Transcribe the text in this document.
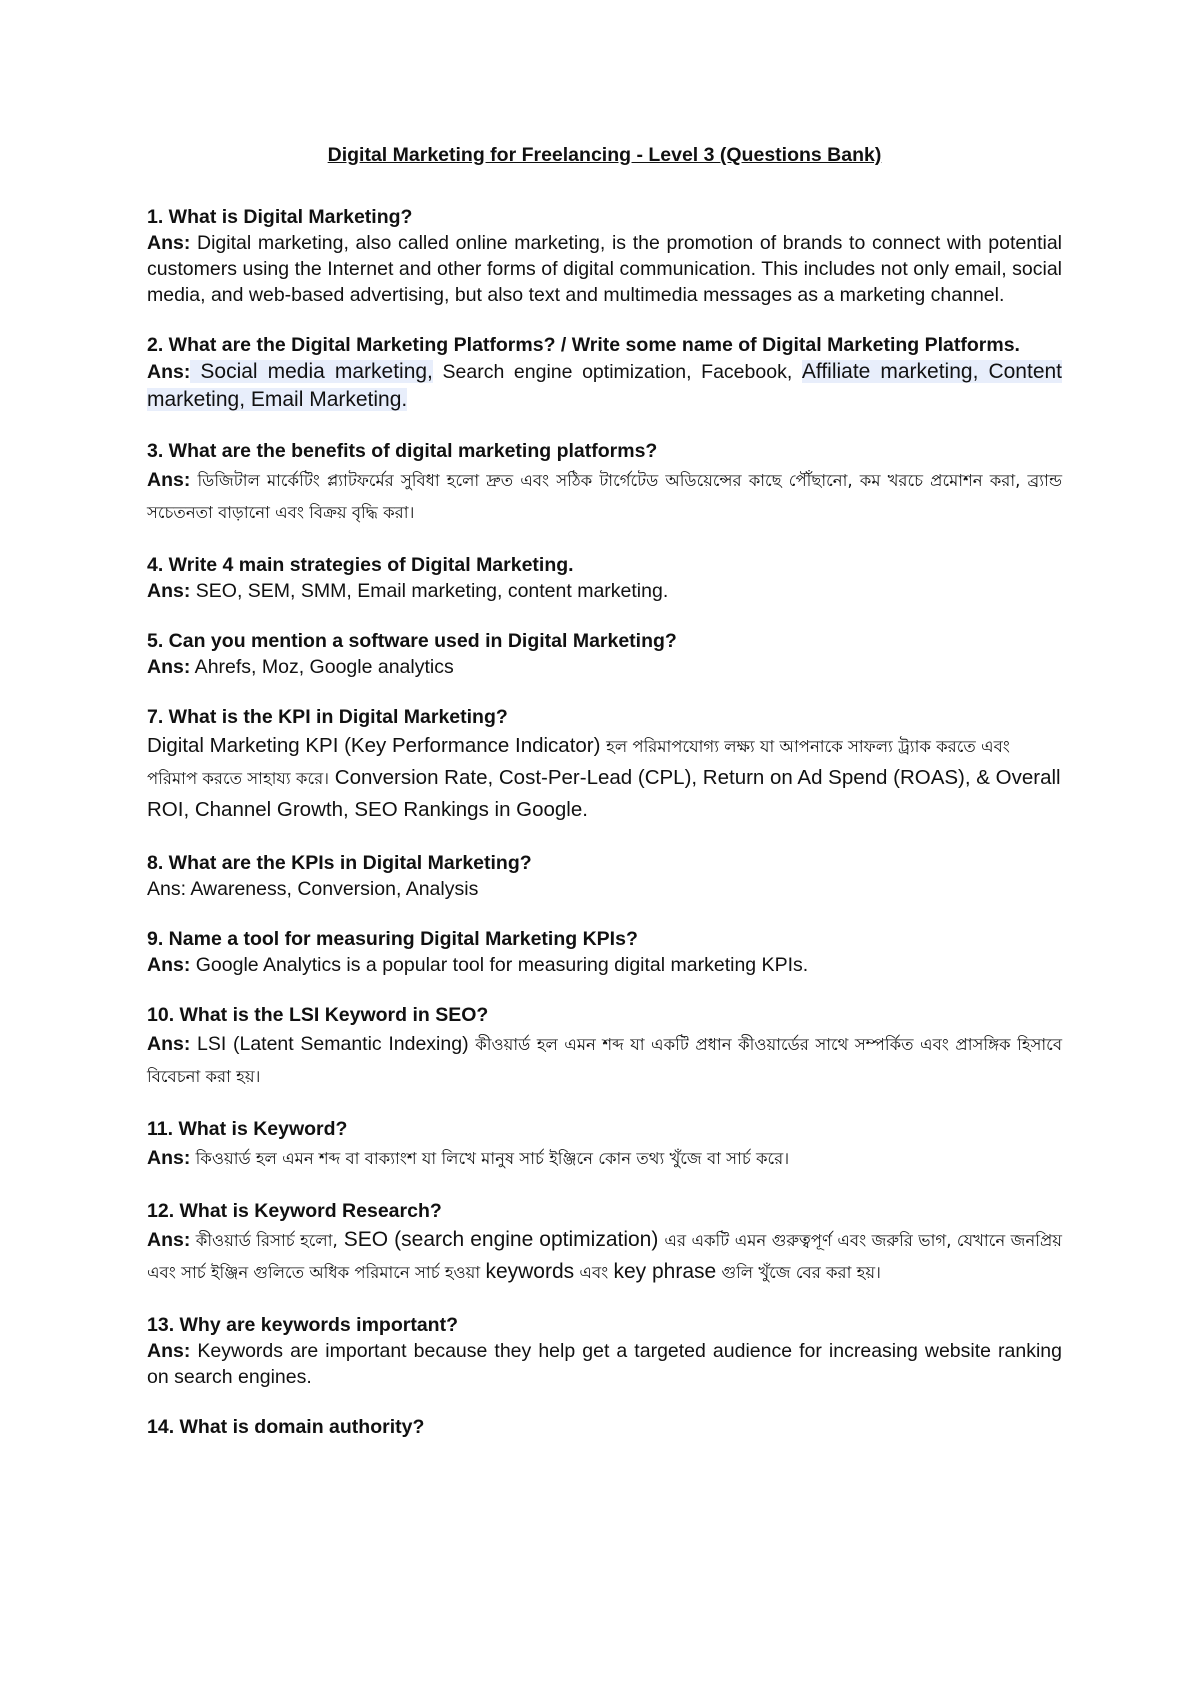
Digital Marketing for Freelancing - Level 3 (Questions Bank)

1. What is Digital Marketing?

Ans: Digital marketing, also called online marketing, is the promotion of brands to connect with potential customers using the Internet and other forms of digital communication. This includes not only email, social media, and web-based advertising, but also text and multimedia messages as a marketing channel.

2. What are the Digital Marketing Platforms? / Write some name of Digital Marketing Platforms.

Ans: Social media marketing, Search engine optimization, Facebook, Affiliate marketing, Content marketing, Email Marketing.

3. What are the benefits of digital marketing platforms?

Ans: ডিজিটাল মার্কেটিং প্ল্যাটফর্মের সুবিধা হলো দ্রুত এবং সঠিক টার্গেটেড অডিয়েন্সের কাছে পৌঁছানো, কম খরচে প্রমোশন করা, ব্র্যান্ড সচেতনতা বাড়ানো এবং বিক্রয় বৃদ্ধি করা।

4. Write 4 main strategies of Digital Marketing.

Ans: SEO, SEM, SMM, Email marketing, content marketing.

5. Can you mention a software used in Digital Marketing?

Ans: Ahrefs, Moz, Google analytics

7. What is the KPI in Digital Marketing?

Digital Marketing KPI (Key Performance Indicator) হল পরিমাপযোগ্য লক্ষ্য যা আপনাকে সাফল্য ট্র্যাক করতে এবং পরিমাপ করতে সাহায্য করে। Conversion Rate, Cost-Per-Lead (CPL), Return on Ad Spend (ROAS), & Overall ROI, Channel Growth, SEO Rankings in Google.

8. What are the KPIs in Digital Marketing?

Ans: Awareness, Conversion, Analysis

9. Name a tool for measuring Digital Marketing KPIs?

Ans: Google Analytics is a popular tool for measuring digital marketing KPIs.

10. What is the LSI Keyword in SEO?

Ans: LSI (Latent Semantic Indexing) কীওয়ার্ড হল এমন শব্দ যা একটি প্রধান কীওয়ার্ডের সাথে সম্পর্কিত এবং প্রাসঙ্গিক হিসাবে বিবেচনা করা হয়।

11. What is Keyword?

Ans: কিওয়ার্ড হল এমন শব্দ বা বাক্যাংশ যা লিখে মানুষ সার্চ ইঞ্জিনে কোন তথ্য খুঁজে বা সার্চ করে।

12. What is Keyword Research?

Ans: কীওয়ার্ড রিসার্চ হলো, SEO (search engine optimization) এর একটি এমন গুরুত্বপূর্ণ এবং জরুরি ভাগ, যেখানে জনপ্রিয় এবং সার্চ ইঞ্জিন গুলিতে অধিক পরিমানে সার্চ হওয়া keywords এবং key phrase গুলি খুঁজে বের করা হয়।

13. Why are keywords important?

Ans: Keywords are important because they help get a targeted audience for increasing website ranking on search engines.

14. What is domain authority?
